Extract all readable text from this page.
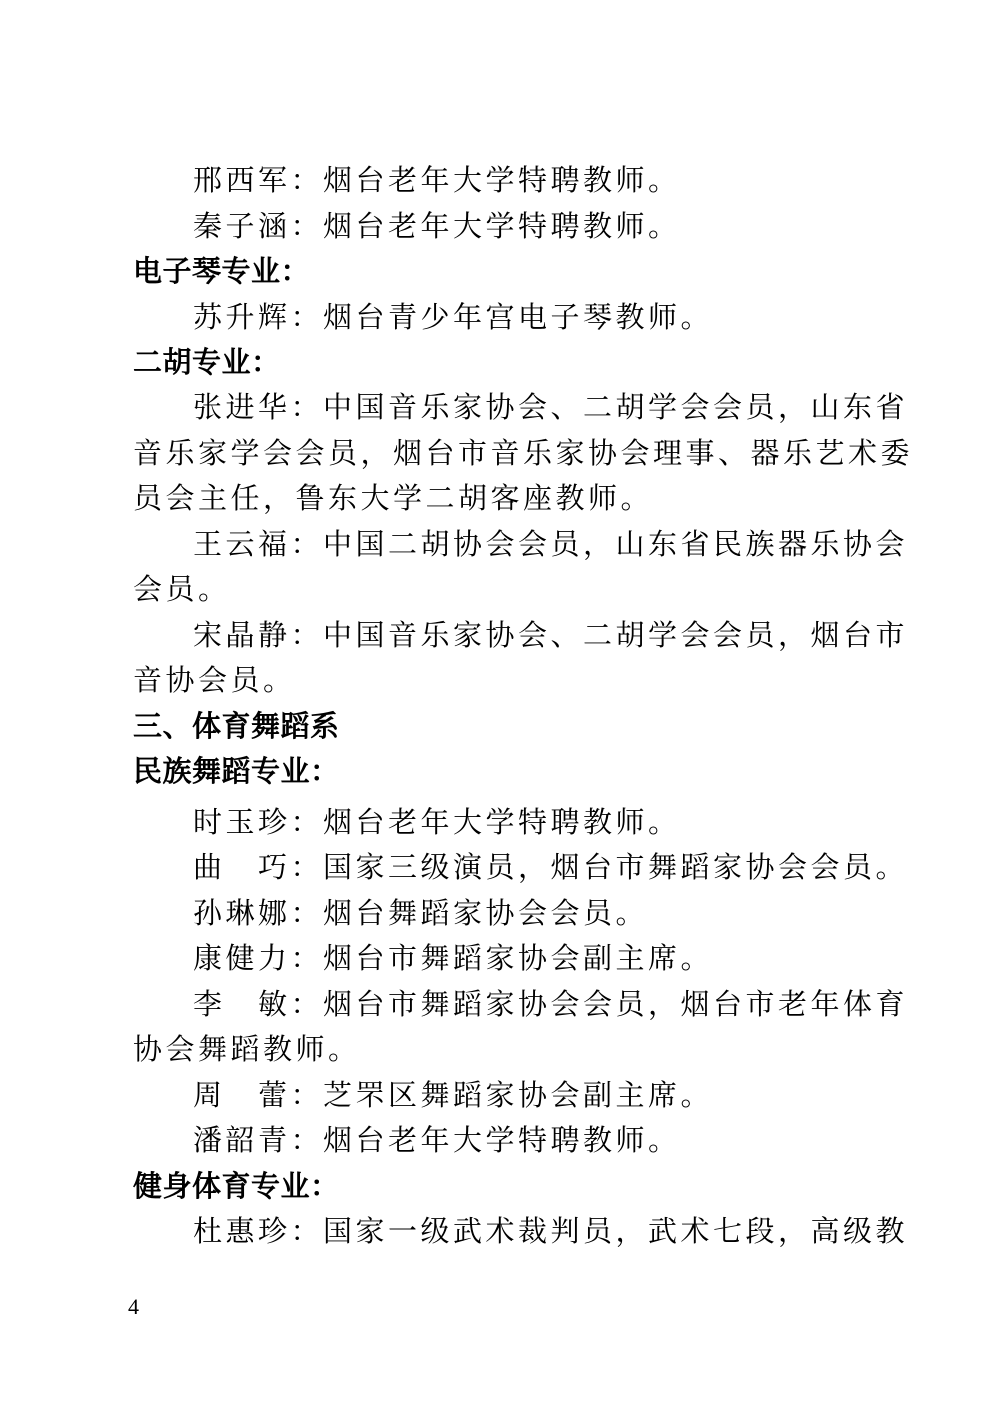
邢西军：烟台老年大学特聘教师。
秦子涵：烟台老年大学特聘教师。
电子琴专业：
苏升辉：烟台青少年宫电子琴教师。
二胡专业：
张进华：中国音乐家协会、二胡学会会员，山东省
音乐家学会会员，烟台市音乐家协会理事、器乐艺术委
员会主任，鲁东大学二胡客座教师。
王云福：中国二胡协会会员，山东省民族器乐协会
会员。
宋晶静：中国音乐家协会、二胡学会会员，烟台市
音协会员。
三、体育舞蹈系
民族舞蹈专业：
时玉珍：烟台老年大学特聘教师。
曲　巧：国家三级演员，烟台市舞蹈家协会会员。
孙琳娜：烟台舞蹈家协会会员。
康健力：烟台市舞蹈家协会副主席。
李　敏：烟台市舞蹈家协会会员，烟台市老年体育
协会舞蹈教师。
周　蕾：芝罘区舞蹈家协会副主席。
潘韶青：烟台老年大学特聘教师。
健身体育专业：
杜惠珍：国家一级武术裁判员，武术七段，高级教
4
